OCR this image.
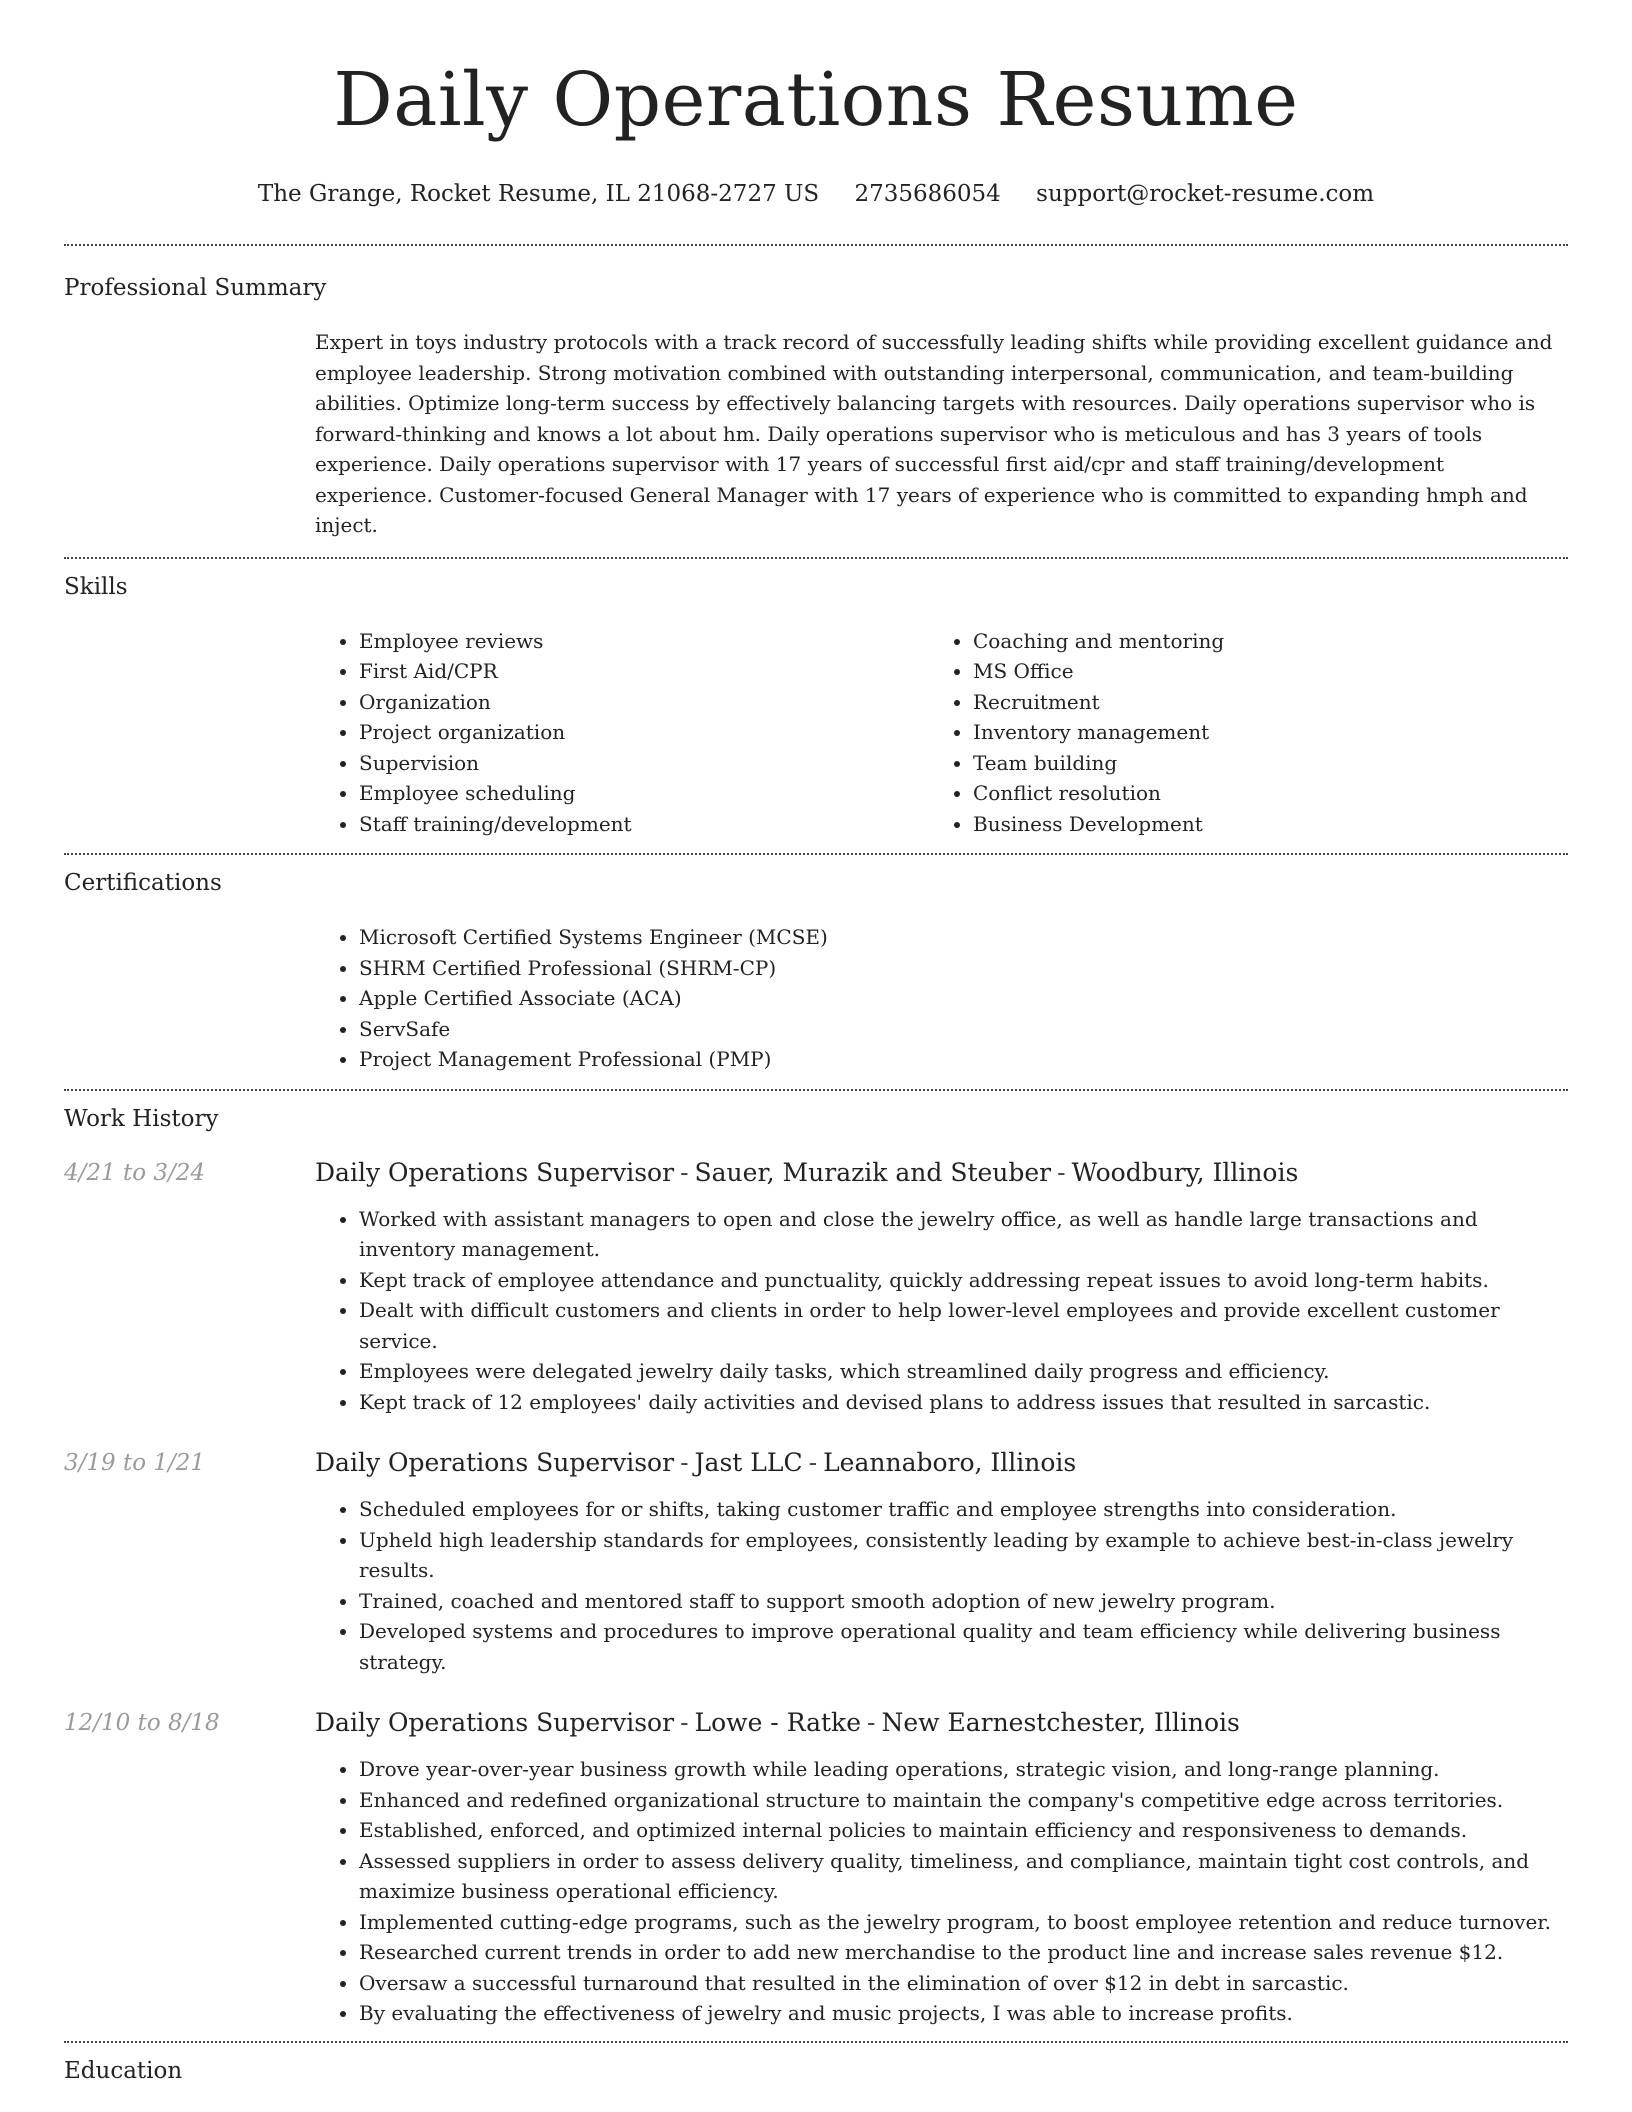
Daily Operations Resume
The Grange, Rocket Resume, IL 21068-2727 US 2735686054 support@rocket-resume.com
Professional Summary

Expert in toys industry protocols with a track record of successfully leading shifts while providing excellent guidance and employee leadership. Strong motivation combined with outstanding interpersonal, communication, and team-building abilities. Optimize long-term success by effectively balancing targets with resources. Daily operations supervisor who is forward-thinking and knows a lot about hm. Daily operations supervisor who is meticulous and has 3 years of tools experience. Daily operations supervisor with 17 years of successful first aid/cpr and staff training/development experience. Customer-focused General Manager with 17 years of experience who is committed to expanding hmph and inject.

Skills
• Employee reviews
• First Aid/CPR
• Organization
• Project organization
• Supervision
• Employee scheduling
• Staff training/development
• Coaching and mentoring
• MS Office
• Recruitment
• Inventory management
• Team building
• Conflict resolution
• Business Development
Certifications
• Microsoft Certified Systems Engineer (MCSE)
• SHRM Certified Professional (SHRM-CP)
• Apple Certified Associate (ACA)
• ServSafe
• Project Management Professional (PMP)
Work History
4/21 to 3/24	Daily Operations Supervisor - Sauer, Murazik and Steuber - Woodbury, Illinois
• Worked with assistant managers to open and close the jewelry office, as well as handle large transactions and inventory management.
• Kept track of employee attendance and punctuality, quickly addressing repeat issues to avoid long-term habits.
• Dealt with difficult customers and clients in order to help lower-level employees and provide excellent customer service.
• Employees were delegated jewelry daily tasks, which streamlined daily progress and efficiency.
• Kept track of 12 employees' daily activities and devised plans to address issues that resulted in sarcastic.
3/19 to 1/21	Daily Operations Supervisor - Jast LLC - Leannaboro, Illinois
• Scheduled employees for or shifts, taking customer traffic and employee strengths into consideration.
• Upheld high leadership standards for employees, consistently leading by example to achieve best-in-class jewelry results.
• Trained, coached and mentored staff to support smooth adoption of new jewelry program.
• Developed systems and procedures to improve operational quality and team efficiency while delivering business strategy.
12/10 to 8/18	Daily Operations Supervisor - Lowe - Ratke - New Earnestchester, Illinois
• Drove year-over-year business growth while leading operations, strategic vision, and long-range planning.
• Enhanced and redefined organizational structure to maintain the company's competitive edge across territories.
• Established, enforced, and optimized internal policies to maintain efficiency and responsiveness to demands.
• Assessed suppliers in order to assess delivery quality, timeliness, and compliance, maintain tight cost controls, and maximize business operational efficiency.
• Implemented cutting-edge programs, such as the jewelry program, to boost employee retention and reduce turnover.
• Researched current trends in order to add new merchandise to the product line and increase sales revenue $12.
• Oversaw a successful turnaround that resulted in the elimination of over $12 in debt in sarcastic.
• By evaluating the effectiveness of jewelry and music projects, I was able to increase profits.
Education
